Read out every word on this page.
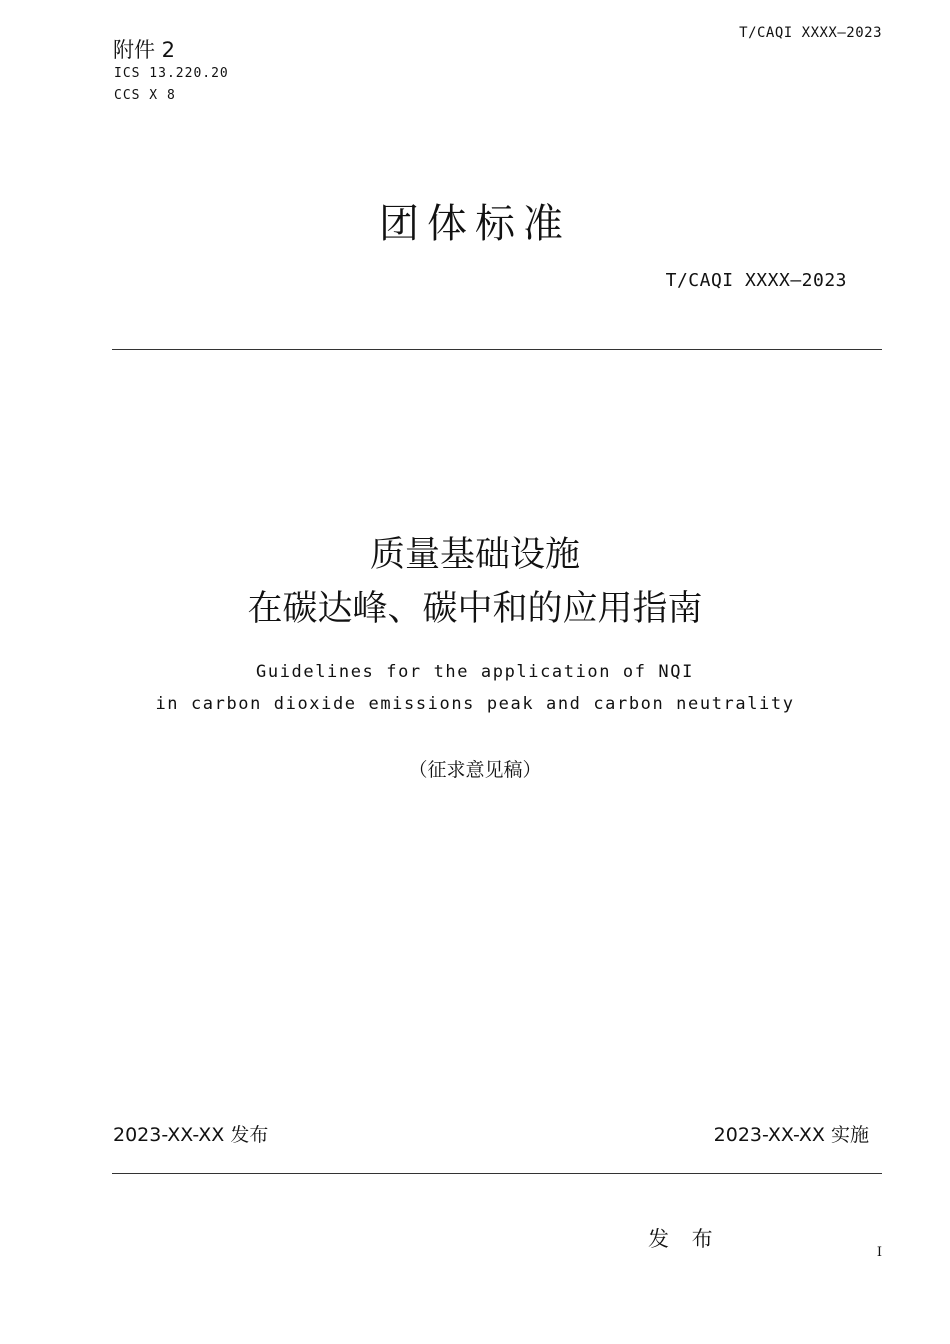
T/CAQI XXXX—2023
附件 2
ICS 13.220.20
CCS X 8
团体标准
T/CAQI XXXX—2023
质量基础设施
在碳达峰、碳中和的应用指南
Guidelines for the application of NQI
in carbon dioxide emissions peak and carbon neutrality
（征求意见稿）
2023-XX-XX 发布	2023-XX-XX 实施
发 布
I
